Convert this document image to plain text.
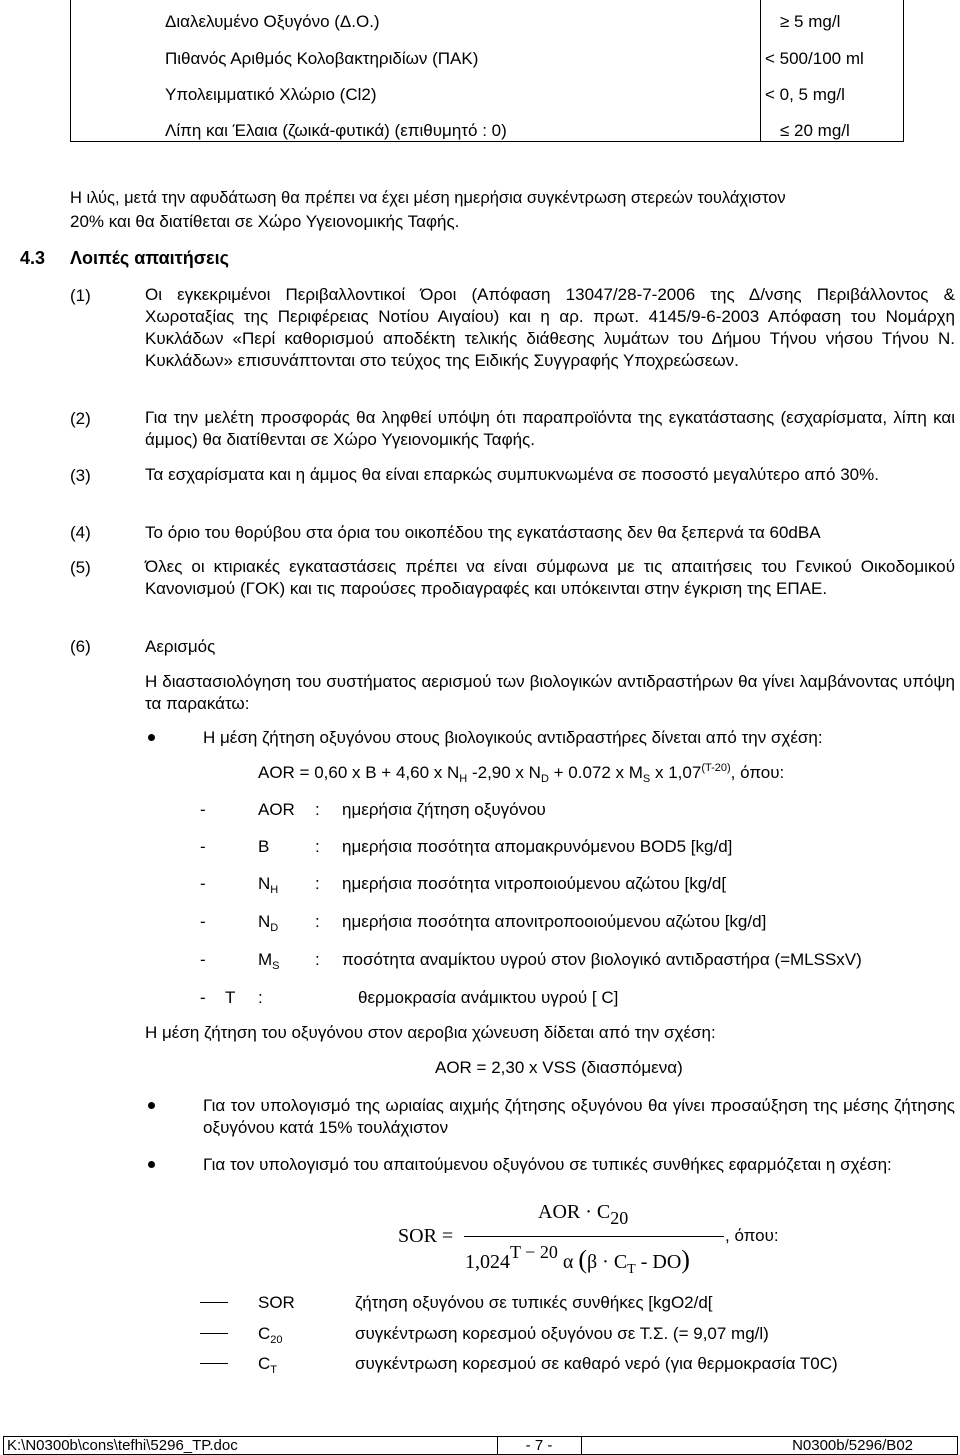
Διαλελυμένο Οξυγόνο (Δ.Ο.)	≥ 5 mg/l
Πιθανός Αριθμός Κολοβακτηριδίων (ΠΑΚ)	< 500/100 ml
Υπολειμματικό Χλώριο (Cl2)	< 0, 5 mg/l
Λίπη και Έλαια (ζωικά-φυτικά) (επιθυμητό : 0)	≤ 20 mg/l
Η ιλύς, μετά την αφυδάτωση θα πρέπει να έχει μέση ημερήσια συγκέντρωση στερεών τουλάχιστον
20% και θα διατίθεται σε Χώρο Υγειονομικής Ταφής.
4.3 Λοιπές απαιτήσεις
(1)	Οι εγκεκριμένοι Περιβαλλοντικοί Όροι (Απόφαση 13047/28-7-2006 της Δ/νσης Περιβάλλοντος & Χωροταξίας της Περιφέρειας Νοτίου Αιγαίου) και η αρ. πρωτ. 4145/9-6-2003 Απόφαση του Νομάρχη Κυκλάδων «Περί καθορισμού αποδέκτη τελικής διάθεσης λυμάτων του Δήμου Τήνου νήσου Τήνου Ν. Κυκλάδων» επισυνάπτονται στο τεύχος της Ειδικής Συγγραφής Υποχρεώσεων.
(2)	Για την μελέτη προσφοράς θα ληφθεί υπόψη ότι παραπροϊόντα της εγκατάστασης (εσχαρίσματα, λίπη και άμμος) θα διατίθενται σε Χώρο Υγειονομικής Ταφής.
(3)	Τα εσχαρίσματα και η άμμος θα είναι επαρκώς συμπυκνωμένα σε ποσοστό μεγαλύτερο από 30%.
(4)	Το όριο του θορύβου στα όρια του οικοπέδου της εγκατάστασης δεν θα ξεπερνά τα 60dBA
(5)	Όλες οι κτιριακές εγκαταστάσεις πρέπει να είναι σύμφωνα με τις απαιτήσεις του Γενικού Οικοδομικού Κανονισμού (ΓΟΚ) και τις παρούσες προδιαγραφές και υπόκεινται στην έγκριση της ΕΠΑΕ.
(6)	Αερισμός
Η διαστασιολόγηση του συστήματος αερισμού των βιολογικών αντιδραστήρων θα γίνει λαμβάνοντας υπόψη τα παρακάτω:
Η μέση ζήτηση οξυγόνου στους βιολογικούς αντιδραστήρες δίνεται από την σχέση:
AOR = 0,60 x B + 4,60 x $N_H$ -2,90 x $N_D + 0.072$ x $M_S$ x $1,07^{(T-20)}$, όπου:
-	AOR : ημερήσια ζήτηση οξυγόνου
-	B	: ημερήσια ποσότητα απομακρυνόμενου BOD5 [kg/d]
-	$N_H$ : ημερήσια ποσότητα νιτροποιούμενου αζώτου [kg/d[
-	$N_D$ : ημερήσια ποσότητα απονιτροποοιούμενου αζώτου [kg/d]
-	$M_S$ : ποσότητα αναμίκτου υγρού στον βιολογικό αντιδραστήρα (=MLSSxV)
- T :	θερμοκρασία ανάμικτου υγρού [ C]
Η μέση ζήτηση του οξυγόνου στον αεροβια χώνευση δίδεται από την σχέση:
AOR = 2,30 x VSS (διασπόμενα)
Για τον υπολογισμό της ωριαίας αιχμής ζήτησης οξυγόνου θα γίνει προσαύξηση της μέσης ζήτησης οξυγόνου κατά 15% τουλάχιστον
Για τον υπολογισμό του απαιτούμενου οξυγόνου σε τυπικές συνθήκες εφαρμόζεται η σχέση:
SOR =
AOR · C20
1,024T − 20 α $(\beta \cdot C_T - DO)$
, όπου:
SOR	ζήτηση οξυγόνου σε τυπικές συνθήκες [kgO2/d[
$C_{20}$	συγκέντρωση κορεσμού οξυγόνου σε Τ.Σ. (= 9,07 mg/l)
$C_T$	συγκέντρωση κορεσμού σε καθαρό νερό (για θερμοκρασία Τ0C)
K:\N0300b\cons\tefhi\5296_TP.doc	- 7 -	N0300b/5296/B02
